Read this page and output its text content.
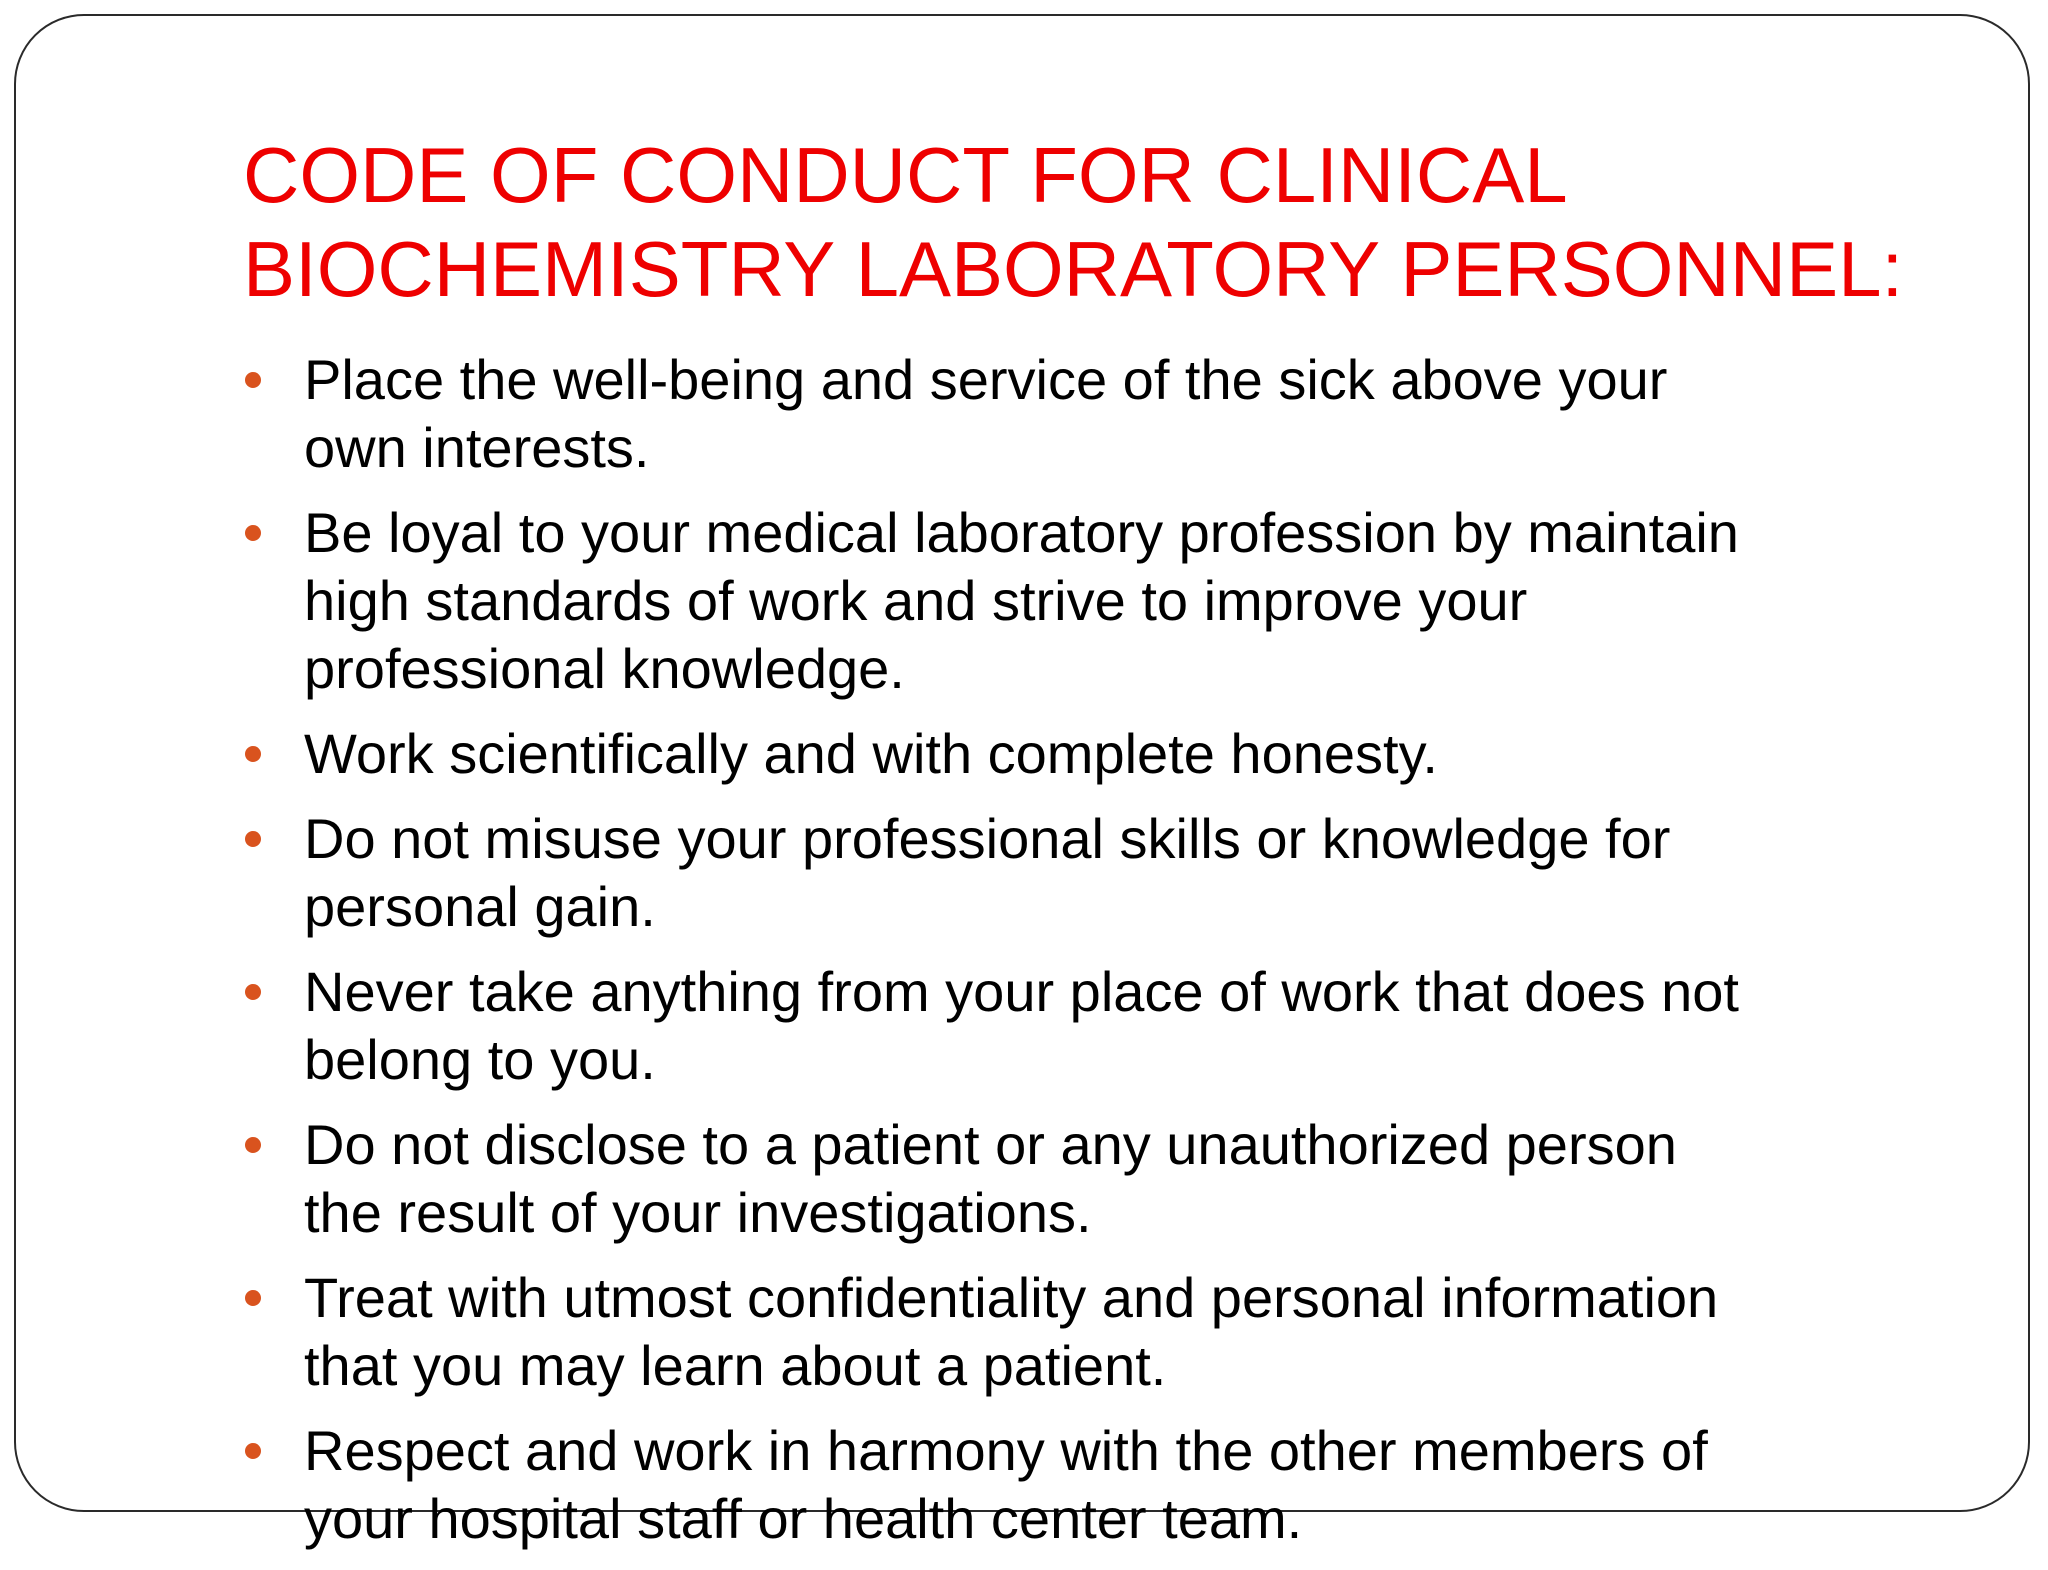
CODE OF CONDUCT FOR CLINICAL
BIOCHEMISTRY LABORATORY PERSONNEL:
Place the well-being and service of the sick above your
own interests.
Be loyal to your medical laboratory profession by maintain
high standards of work and strive to improve your
professional knowledge.
Work scientifically and with complete honesty.
Do not misuse your professional skills or knowledge for
personal gain.
Never take anything from your place of work that does not
belong to you.
Do not disclose to a patient or any unauthorized person
the result of your investigations.
Treat with utmost confidentiality and personal information
that you may learn about a patient.
Respect and work in harmony with the other members of
your hospital staff or health center team.
